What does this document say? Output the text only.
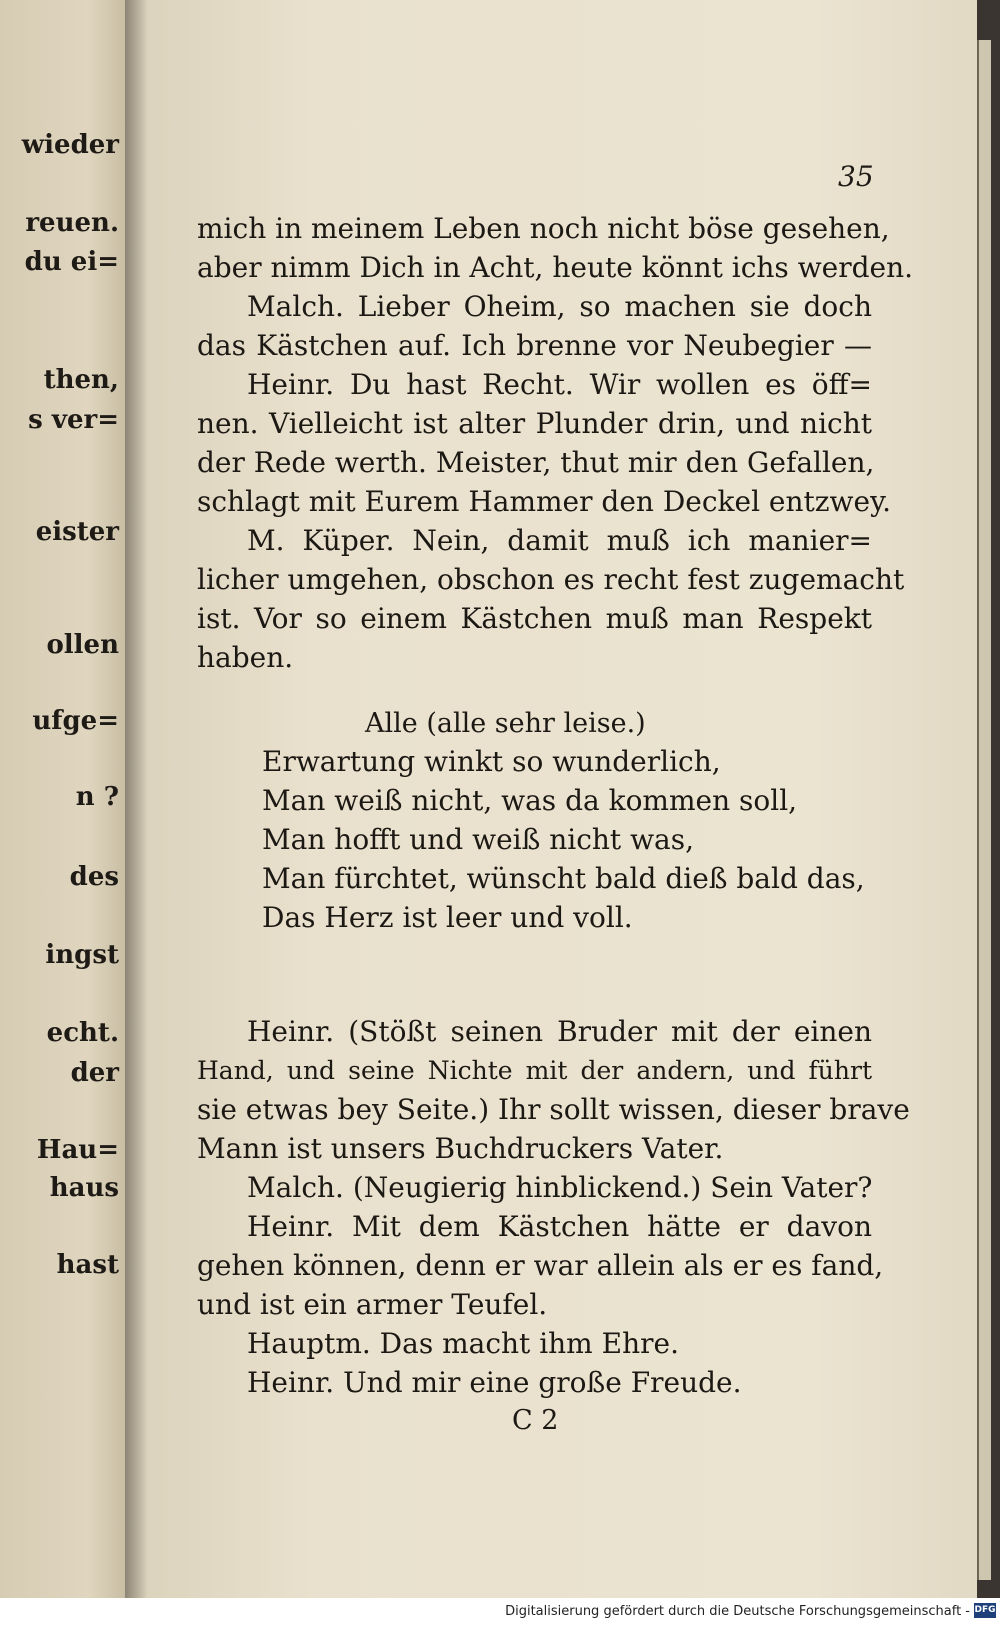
wieder
reuen.
du ei=
then,
s ver=
eister
ollen
ufge=
n ?
des
ingst
echt.
der
Hau=
haus
hast
35
mich in meinem Leben noch nicht böse gesehen,
aber nimm Dich in Acht, heute könnt ichs werden.
Malch. Lieber Oheim, so machen sie doch
das Kästchen auf. Ich brenne vor Neubegier —
Heinr. Du hast Recht. Wir wollen es öff=
nen. Vielleicht ist alter Plunder drin, und nicht
der Rede werth. Meister, thut mir den Gefallen,
schlagt mit Eurem Hammer den Deckel entzwey.
M. Küper. Nein, damit muß ich manier=
licher umgehen, obschon es recht fest zugemacht
ist. Vor so einem Kästchen muß man Respekt
haben.
Alle (alle sehr leise.)
Erwartung winkt so wunderlich,
Man weiß nicht, was da kommen soll,
Man hofft und weiß nicht was,
Man fürchtet, wünscht bald dieß bald das,
Das Herz ist leer und voll.
Heinr. (Stößt seinen Bruder mit der einen
Hand, und seine Nichte mit der andern, und führt
sie etwas bey Seite.) Ihr sollt wissen, dieser brave
Mann ist unsers Buchdruckers Vater.
Malch. (Neugierig hinblickend.) Sein Vater?
Heinr. Mit dem Kästchen hätte er davon
gehen können, denn er war allein als er es fand,
und ist ein armer Teufel.
Hauptm. Das macht ihm Ehre.
Heinr. Und mir eine große Freude.
C 2
Digitalisierung gefördert durch die Deutsche Forschungsgemeinschaft - DFG
